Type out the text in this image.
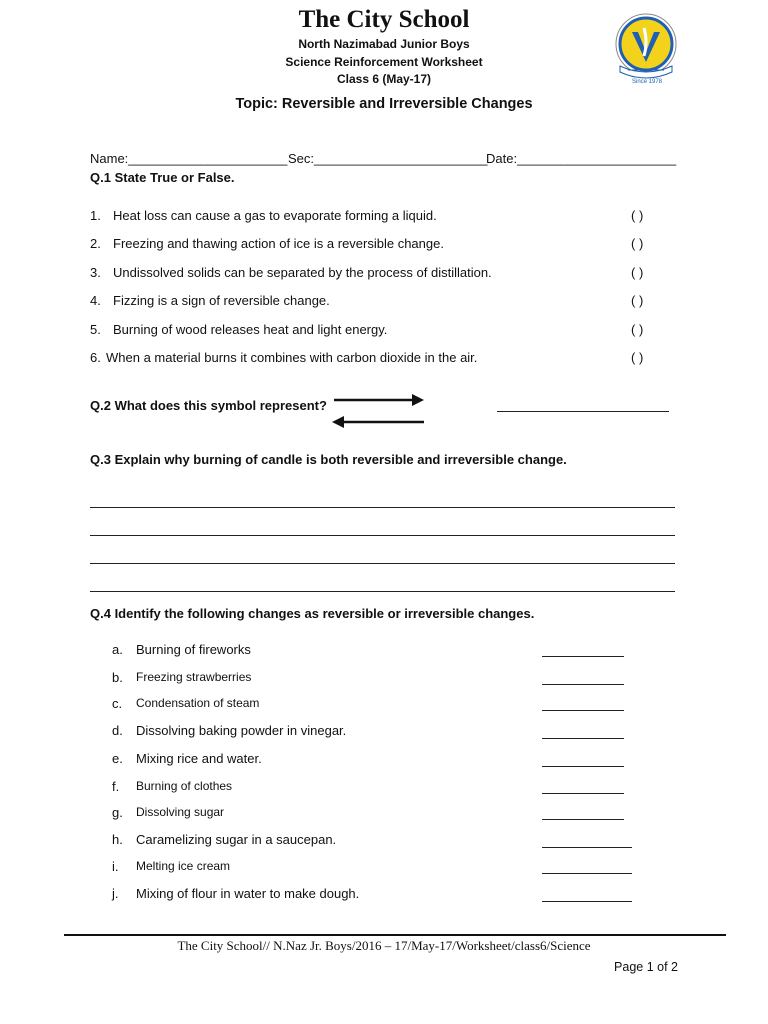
The City School
North Nazimabad Junior Boys
Science Reinforcement Worksheet
Class 6 (May-17)
Topic: Reversible and Irreversible Changes
Since 1978
Name:______________________ Sec:________________________
Date:______________________
Q.1 State True or False.
1. Heat loss can cause a gas to evaporate forming a liquid.	( )
2. Freezing and thawing action of ice is a reversible change.	( )
3. Undissolved solids can be separated by the process of distillation.	( )
4. Fizzing is a sign of reversible change.	( )
5. Burning of wood releases heat and light energy.	( )
6. When a material burns it combines with carbon dioxide in the air.	( )
Q.2 What does this symbol represent?
Q.3 Explain why burning of candle is both reversible and irreversible change.
Q.4 Identify the following changes as reversible or irreversible changes.
a. Burning of fireworks
b. Freezing strawberries
c. Condensation of steam
d. Dissolving baking powder in vinegar.
e. Mixing rice and water.
f. Burning of clothes
g. Dissolving sugar
h. Caramelizing sugar in a saucepan.
i. Melting ice cream
j. Mixing of flour in water to make dough.
The City School// N.Naz Jr. Boys/2016 – 17/May-17/Worksheet/class6/Science
Page 1 of 2
